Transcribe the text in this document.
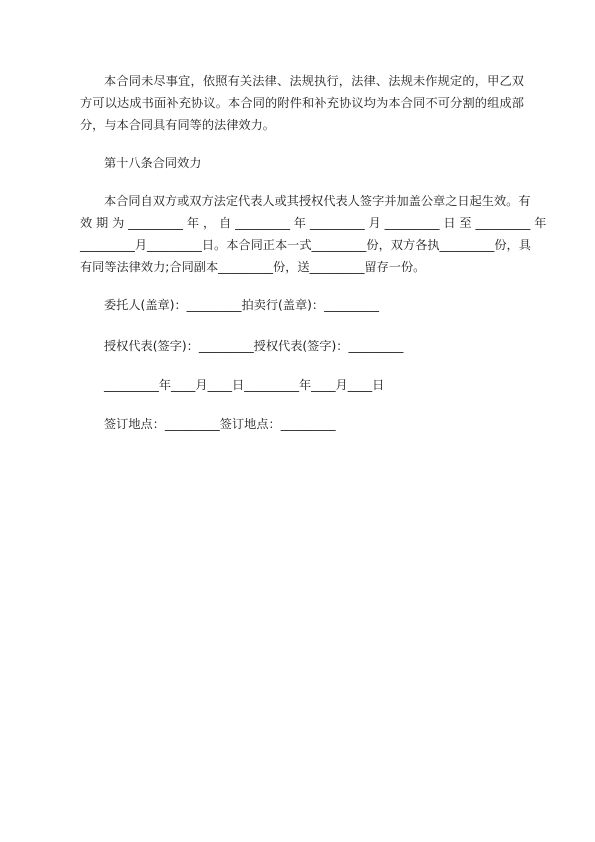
本合同未尽事宜，依照有关法律、法规执行，法律、法规未作规定的，甲乙双方可以达成书面补充协议。本合同的附件和补充协议均为本合同不可分割的组成部分，与本合同具有同等的法律效力。

第十八条合同效力

本合同自双方或双方法定代表人或其授权代表人签字并加盖公章之日起生效。有

效 期 为 _________ 年 ， 自 _________ 年 _________ 月 _________ 日 至 _________ 年

_________月_________日。本合同正本一式_________份，双方各执_________份，具

有同等法律效力;合同副本_________份，送_________留存一份。

委托人(盖章)：_________拍卖行(盖章)：_________

授权代表(签字)：_________授权代表(签字)：_________

_________年____月____日_________年____月____日

签订地点：_________签订地点：_________
